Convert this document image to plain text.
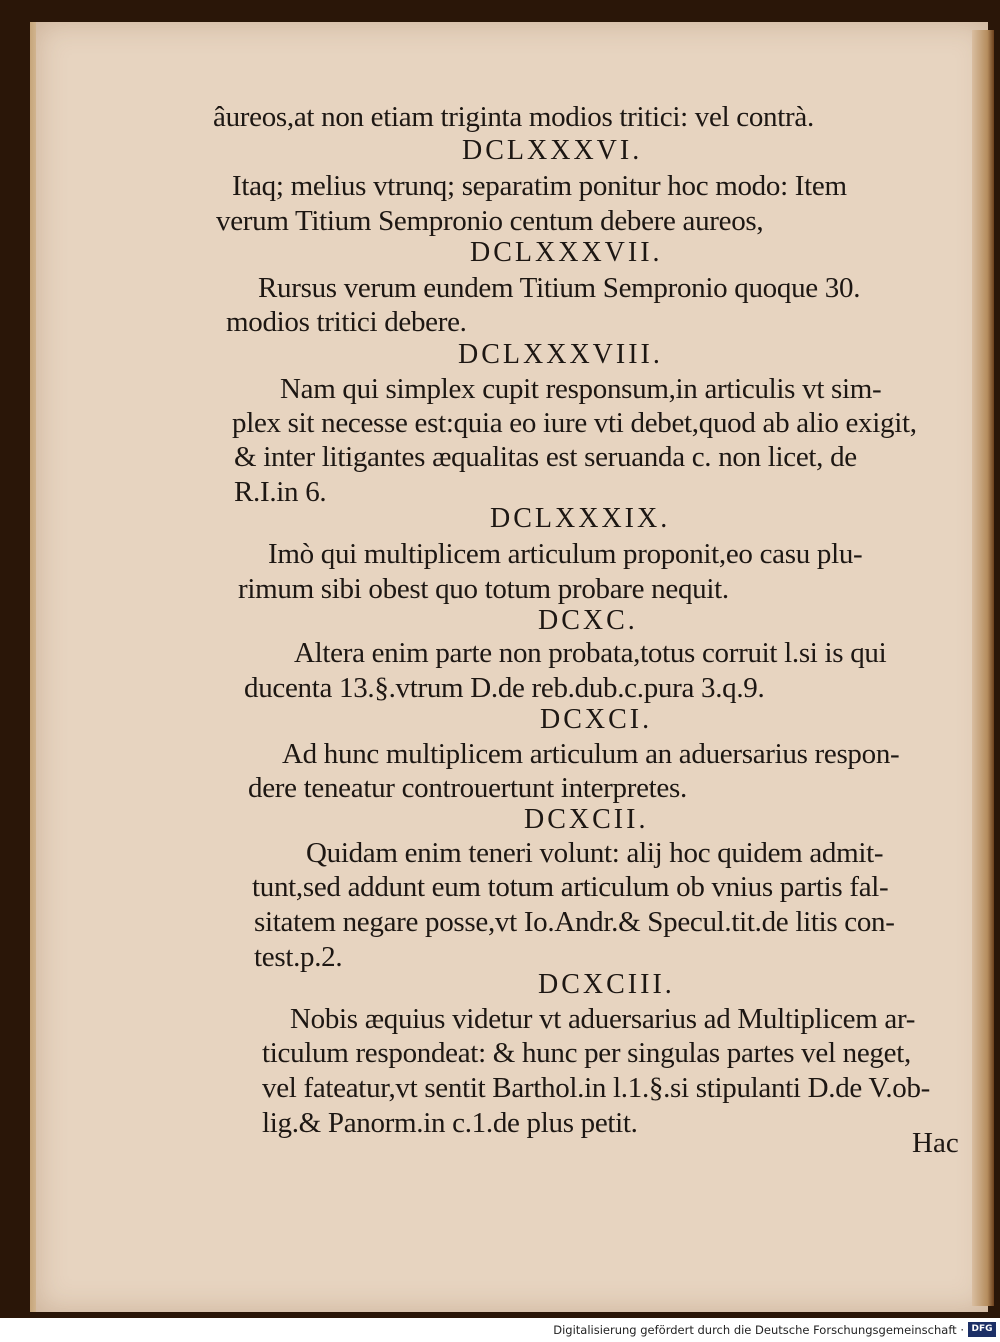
âureos,at non etiam triginta modios tritici: vel contrà.
DCLXXXVI.
Itaq; melius vtrunq; separatim ponitur hoc modo: Item
verum Titium Sempronio centum debere aureos,
DCLXXXVII.
Rursus verum eundem Titium Sempronio quoque 30.
modios tritici debere.
DCLXXXVIII.
Nam qui simplex cupit responsum,in articulis vt sim-
plex sit necesse est:quia eo iure vti debet,quod ab alio exigit,
& inter litigantes æqualitas est seruanda c. non licet, de
R.I.in 6.
DCLXXXIX.
Imò qui multiplicem articulum proponit,eo casu plu-
rimum sibi obest quo totum probare nequit.
DCXC.
Altera enim parte non probata,totus corruit l.si is qui
ducenta 13.§.vtrum D.de reb.dub.c.pura 3.q.9.
DCXCI.
Ad hunc multiplicem articulum an aduersarius respon-
dere teneatur controuertunt interpretes.
DCXCII.
Quidam enim teneri volunt: alij hoc quidem admit-
tunt,sed addunt eum totum articulum ob vnius partis fal-
sitatem negare posse,vt Io.Andr.& Specul.tit.de litis con-
test.p.2.
DCXCIII.
Nobis æquius videtur vt aduersarius ad Multiplicem ar-
ticulum respondeat: & hunc per singulas partes vel neget,
vel fateatur,vt sentit Barthol.in l.1.§.si stipulanti D.de V.ob-
lig.& Panorm.in c.1.de plus petit.
Hac
Digitalisierung gefördert durch die Deutsche Forschungsgemeinschaft · DFG
